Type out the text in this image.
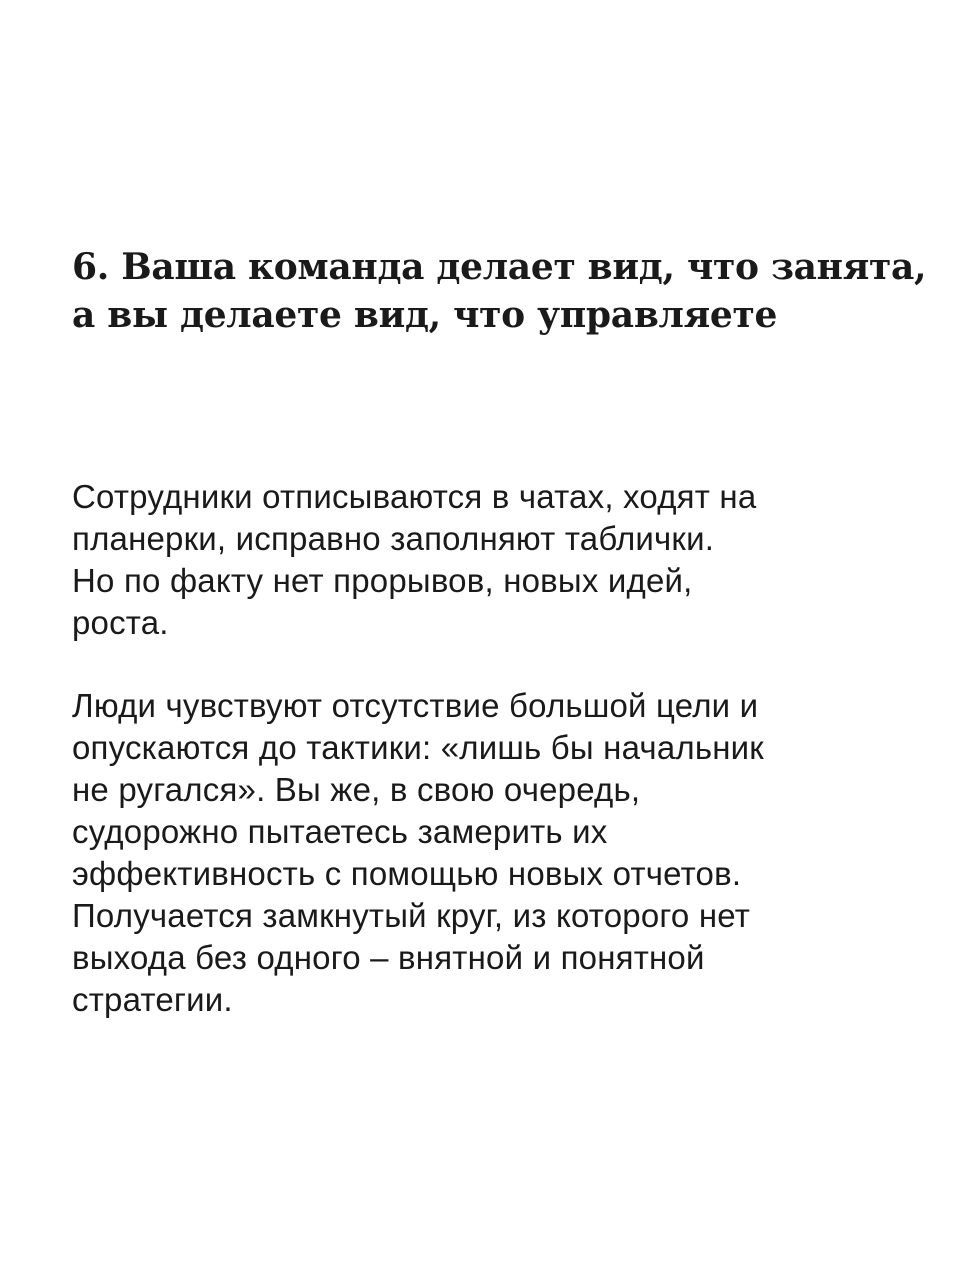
6. Ваша команда делает вид, что занята,
а вы делаете вид, что управляете

Сотрудники отписываются в чатах, ходят на
планерки, исправно заполняют таблички.
Но по факту нет прорывов, новых идей,
роста.

Люди чувствуют отсутствие большой цели и
опускаются до тактики: «лишь бы начальник
не ругался». Вы же, в свою очередь,
судорожно пытаетесь замерить их
эффективность с помощью новых отчетов.
Получается замкнутый круг, из которого нет
выхода без одного – внятной и понятной
стратегии.
